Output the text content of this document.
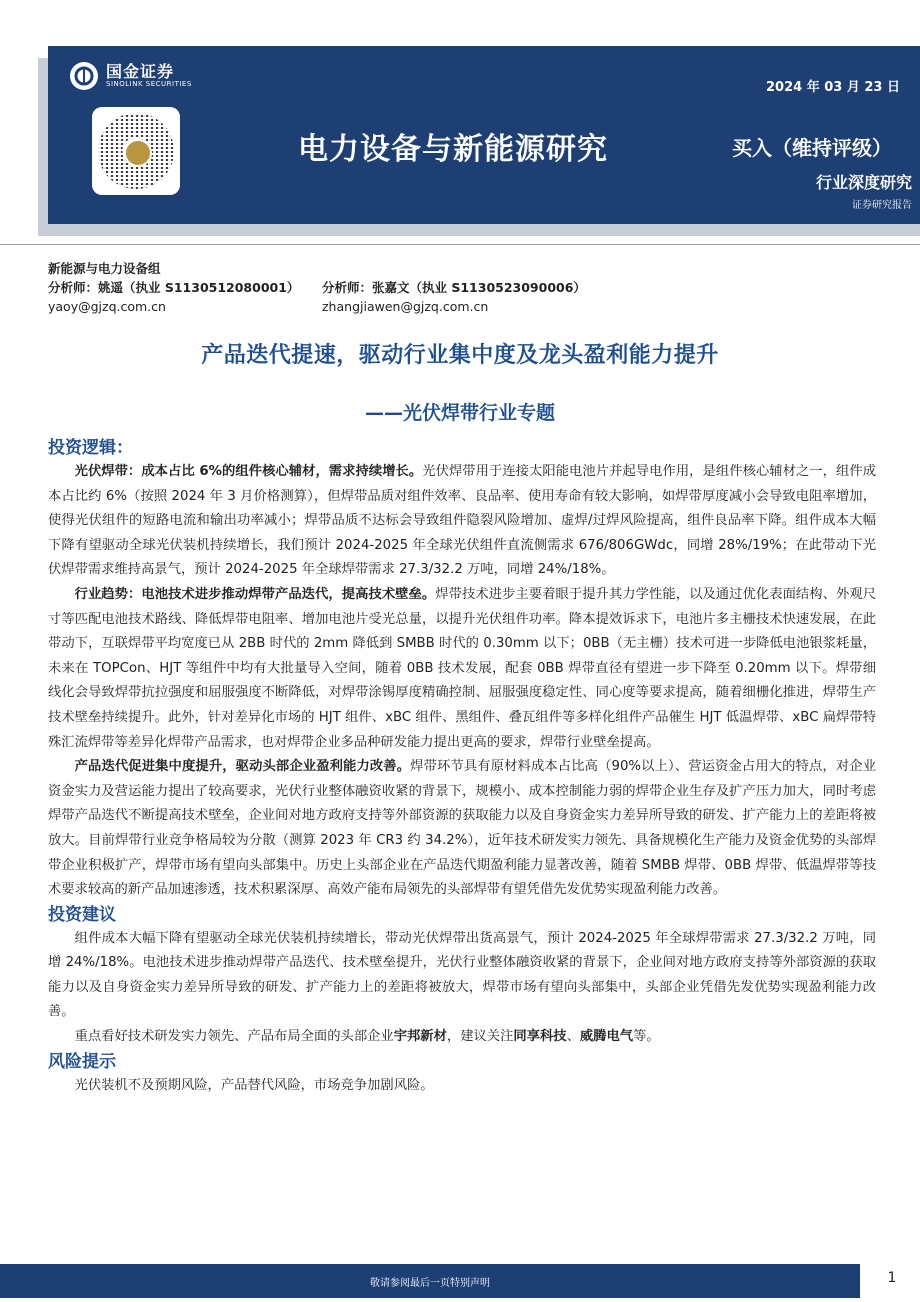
国金证券
SINOLINK SECURITIES	2024 年 03 月 23 日
电力设备与新能源研究	买入（维持评级）
行业深度研究
证券研究报告
新能源与电力设备组
分析师：姚遥（执业 S1130512080001）	分析师：张嘉文（执业 S1130523090006）
yaoy@gjzq.com.cn	zhangjiawen@gjzq.com.cn
产品迭代提速，驱动行业集中度及龙头盈利能力提升
——光伏焊带行业专题
投资逻辑：

光伏焊带：成本占比 6%的组件核心辅材，需求持续增长。光伏焊带用于连接太阳能电池片并起导电作用，是组件核心辅材之一，组件成本占比约 6%（按照 2024 年 3 月价格测算），但焊带品质对组件效率、良品率、使用寿命有较大影响，如焊带厚度减小会导致电阻率增加，使得光伏组件的短路电流和输出功率减小；焊带品质不达标会导致组件隐裂风险增加、虚焊/过焊风险提高，组件良品率下降。组件成本大幅下降有望驱动全球光伏装机持续增长，我们预计 2024-2025 年全球光伏组件直流侧需求 676/806GWdc，同增 28%/19%；在此带动下光伏焊带需求维持高景气，预计 2024-2025 年全球焊带需求 27.3/32.2 万吨，同增 24%/18%。

行业趋势：电池技术进步推动焊带产品迭代，提高技术壁垒。焊带技术进步主要着眼于提升其力学性能，以及通过优化表面结构、外观尺寸等匹配电池技术路线、降低焊带电阻率、增加电池片受光总量，以提升光伏组件功率。降本提效诉求下，电池片多主栅技术快速发展，在此带动下，互联焊带平均宽度已从 2BB 时代的 2mm 降低到 SMBB 时代的 0.30mm 以下；0BB（无主栅）技术可进一步降低电池银浆耗量，未来在 TOPCon、HJT 等组件中均有大批量导入空间，随着 0BB 技术发展，配套 0BB 焊带直径有望进一步下降至 0.20mm 以下。焊带细线化会导致焊带抗拉强度和屈服强度不断降低，对焊带涂锡厚度精确控制、屈服强度稳定性、同心度等要求提高，随着细栅化推进，焊带生产技术壁垒持续提升。此外，针对差异化市场的 HJT 组件、xBC 组件、黑组件、叠瓦组件等多样化组件产品催生 HJT 低温焊带、xBC 扁焊带特殊汇流焊带等差异化焊带产品需求，也对焊带企业多品种研发能力提出更高的要求，焊带行业壁垒提高。

产品迭代促进集中度提升，驱动头部企业盈利能力改善。焊带环节具有原材料成本占比高（90%以上）、营运资金占用大的特点，对企业资金实力及营运能力提出了较高要求，光伏行业整体融资收紧的背景下，规模小、成本控制能力弱的焊带企业生存及扩产压力加大，同时考虑焊带产品迭代不断提高技术壁垒，企业间对地方政府支持等外部资源的获取能力以及自身资金实力差异所导致的研发、扩产能力上的差距将被放大。目前焊带行业竞争格局较为分散（测算 2023 年 CR3 约 34.2%），近年技术研发实力领先、具备规模化生产能力及资金优势的头部焊带企业积极扩产，焊带市场有望向头部集中。历史上头部企业在产品迭代期盈利能力显著改善，随着 SMBB 焊带、0BB 焊带、低温焊带等技术要求较高的新产品加速渗透，技术积累深厚、高效产能布局领先的头部焊带有望凭借先发优势实现盈利能力改善。

投资建议

组件成本大幅下降有望驱动全球光伏装机持续增长，带动光伏焊带出货高景气，预计 2024-2025 年全球焊带需求 27.3/32.2 万吨，同增 24%/18%。电池技术进步推动焊带产品迭代、技术壁垒提升，光伏行业整体融资收紧的背景下，企业间对地方政府支持等外部资源的获取能力以及自身资金实力差异所导致的研发、扩产能力上的差距将被放大，焊带市场有望向头部集中，头部企业凭借先发优势实现盈利能力改善。

重点看好技术研发实力领先、产品布局全面的头部企业宇邦新材，建议关注同享科技、威腾电气等。

风险提示

光伏装机不及预期风险，产品替代风险，市场竞争加剧风险。

敬请参阅最后一页特别声明	1
